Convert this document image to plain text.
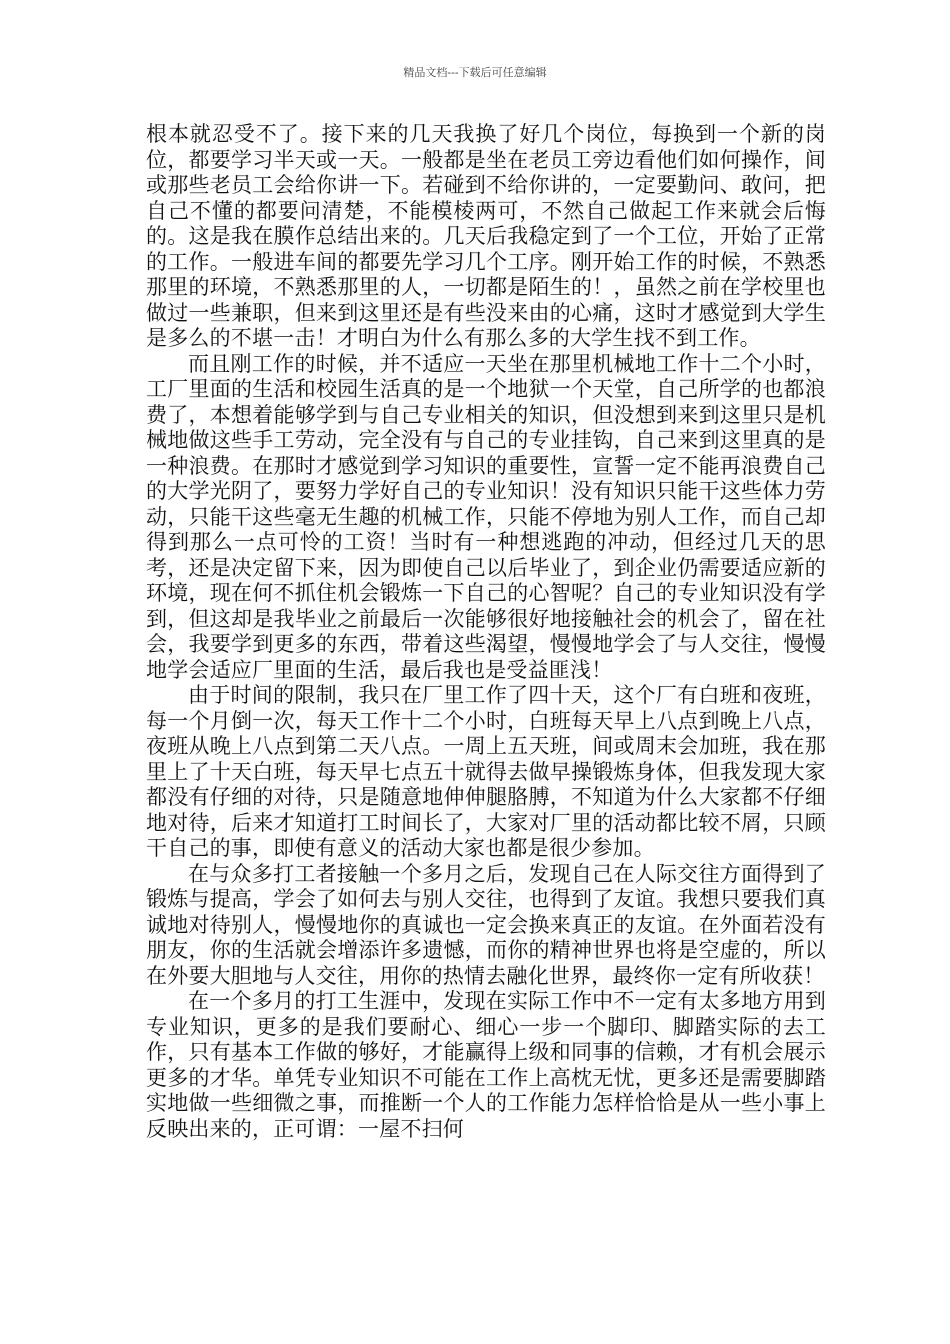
精品文档---下载后可任意编辑

根本就忍受不了。接下来的几天我换了好几个岗位，每换到一个新的岗位，都要学习半天或一天。一般都是坐在老员工旁边看他们如何操作，间或那些老员工会给你讲一下。若碰到不给你讲的，一定要勤问、敢问，把自己不懂的都要问清楚，不能模棱两可，不然自己做起工作来就会后悔的。这是我在膜作总结出来的。几天后我稳定到了一个工位，开始了正常的工作。一般进车间的都要先学习几个工序。刚开始工作的时候，不熟悉那里的环境，不熟悉那里的人，一切都是陌生的！，虽然之前在学校里也做过一些兼职，但来到这里还是有些没来由的心痛，这时才感觉到大学生是多么的不堪一击！才明白为什么有那么多的大学生找不到工作。

而且刚工作的时候，并不适应一天坐在那里机械地工作十二个小时，工厂里面的生活和校园生活真的是一个地狱一个天堂，自己所学的也都浪费了，本想着能够学到与自己专业相关的知识，但没想到来到这里只是机械地做这些手工劳动，完全没有与自己的专业挂钩，自己来到这里真的是一种浪费。在那时才感觉到学习知识的重要性，宣誓一定不能再浪费自己的大学光阴了，要努力学好自己的专业知识！没有知识只能干这些体力劳动，只能干这些毫无生趣的机械工作，只能不停地为别人工作，而自己却得到那么一点可怜的工资！当时有一种想逃跑的冲动，但经过几天的思考，还是决定留下来，因为即使自己以后毕业了，到企业仍需要适应新的环境，现在何不抓住机会锻炼一下自己的心智呢？自己的专业知识没有学到，但这却是我毕业之前最后一次能够很好地接触社会的机会了，留在社会，我要学到更多的东西，带着这些渴望，慢慢地学会了与人交往，慢慢地学会适应厂里面的生活，最后我也是受益匪浅！

由于时间的限制，我只在厂里工作了四十天，这个厂有白班和夜班，每一个月倒一次，每天工作十二个小时，白班每天早上八点到晚上八点，夜班从晚上八点到第二天八点。一周上五天班，间或周末会加班，我在那里上了十天白班，每天早七点五十就得去做早操锻炼身体，但我发现大家都没有仔细的对待，只是随意地伸伸腿胳膊，不知道为什么大家都不仔细地对待，后来才知道打工时间长了，大家对厂里的活动都比较不屑，只顾干自己的事，即使有意义的活动大家也都是很少参加。

在与众多打工者接触一个多月之后，发现自己在人际交往方面得到了锻炼与提高，学会了如何去与别人交往，也得到了友谊。我想只要我们真诚地对待别人，慢慢地你的真诚也一定会换来真正的友谊。在外面若没有朋友，你的生活就会增添许多遗憾，而你的精神世界也将是空虚的，所以在外要大胆地与人交往，用你的热情去融化世界，最终你一定有所收获！

在一个多月的打工生涯中，发现在实际工作中不一定有太多地方用到专业知识，更多的是我们要耐心、细心一步一个脚印、脚踏实际的去工作，只有基本工作做的够好，才能赢得上级和同事的信赖，才有机会展示更多的才华。单凭专业知识不可能在工作上高枕无忧，更多还是需要脚踏实地做一些细微之事，而推断一个人的工作能力怎样恰恰是从一些小事上反映出来的，正可谓：一屋不扫何
